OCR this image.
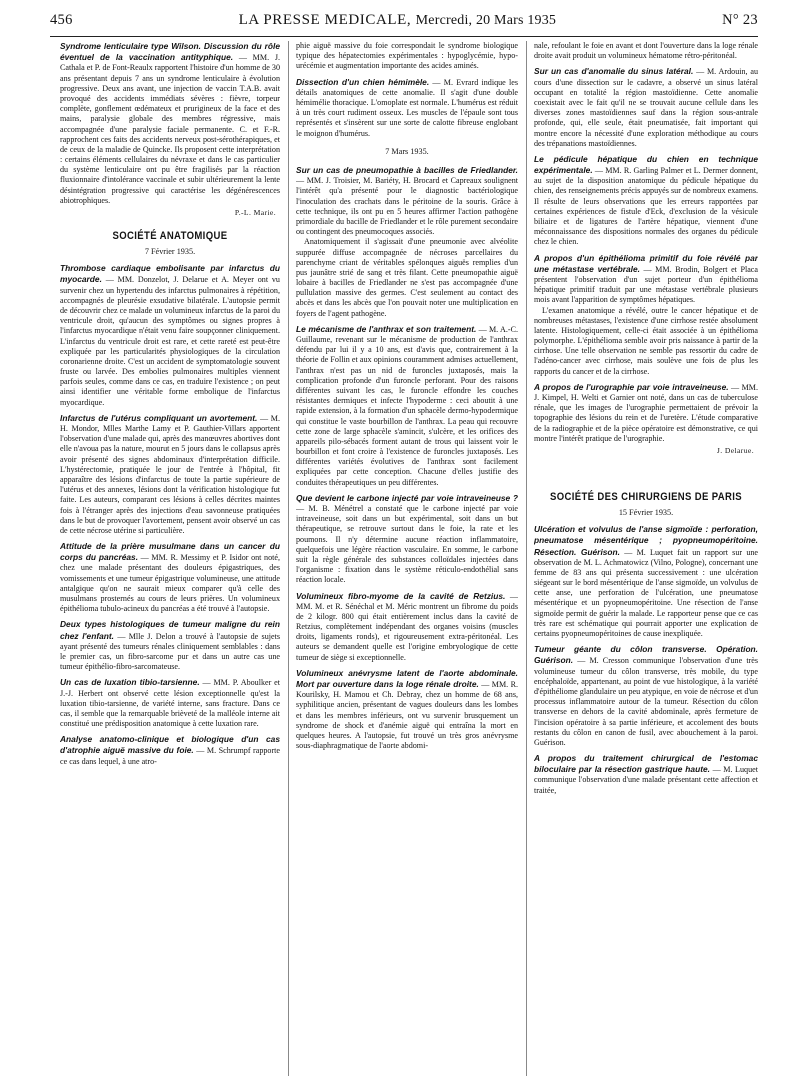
456	LA PRESSE MEDICALE, Mercredi, 20 Mars 1935	N° 23

Syndrome lenticulaire type Wilson. Discussion du rôle éventuel de la vaccination antityphique. — MM. J. Cathala et P. de Font-Reaulx rapportent l'histoire d'un homme de 30 ans présentant depuis 7 ans un syndrome lenticulaire à évolution progressive. Deux ans avant, une injection de vaccin T.A.B. avait provoqué des accidents immédiats sévères : fièvre, torpeur complète, gonflement œdémateux et prurigineux de la face et des mains, paralysie globale des membres régressive, mais accompagnée d'une paralysie faciale permanente. C. et F.-R. rapprochent ces faits des accidents nerveux post-sérothérapiques, et de ceux de la maladie de Quincke. Ils proposent cette interprétation : certains éléments cellulaires du névraxe et dans le cas particulier du système lenticulaire ont pu être fragilisés par la réaction fluxionnaire d'intolérance vaccinale et subir ultérieurement la lente désintégration progressive qui caractérise les dégénérescences abiotrophiques.

P.-L. Marie.
SOCIÉTÉ ANATOMIQUE
7 Février 1935.

Thrombose cardiaque embolisante par infarctus du myocarde. — MM. Donzelot, J. Delarue et A. Meyer ont vu survenir chez un hypertendu des infarctus pulmonaires à répétition, accompagnés de pleurésie exsudative bilatérale. L'autopsie permit de découvrir chez ce malade un volumineux infarctus de la paroi du ventricule droit, qu'aucun des symptômes ou signes propres à l'infarctus myocardique n'était venu faire soupçonner cliniquement. L'infarctus du ventricule droit est rare, et cette rareté est peut-être expliquée par les particularités physiologiques de la circulation coronarienne droite. C'est un accident de symptomatologie souvent fruste ou larvée. Des embolies pulmonaires multiples viennent parfois seules, comme dans ce cas, en traduire l'existence ; on peut ainsi identifier une véritable forme embolique de l'infarctus myocardique.

Infarctus de l'utérus compliquant un avortement. — M. H. Mondor, Mlles Marthe Lamy et P. Gauthier-Villars apportent l'observation d'une malade qui, après des manœuvres abortives dont elle n'avoua pas la nature, mourut en 5 jours dans le collapsus après avoir présenté des signes abdominaux d'interprétation difficile. L'hystérectomie, pratiquée le jour de l'entrée à l'hôpital, fit apparaître des lésions d'infarctus de toute la partie supérieure de l'utérus et des annexes, lésions dont la vérification histologique fut faite. Les auteurs, comparant ces lésions à celles décrites maintes fois à l'étranger après des injections d'eau savonneuse pratiquées dans le but de provoquer l'avortement, pensent avoir observé un cas de cette nécrose utérine si particulière.

Attitude de la prière musulmane dans un cancer du corps du pancréas. — MM. R. Messimy et P. Isidor ont noté, chez une malade présentant des douleurs épigastriques, des vomissements et une tumeur épigastrique volumineuse, une attitude antalgique qu'on ne saurait mieux comparer qu'à celle des musulmans prosternés au cours de leurs prières. Un volumineux épithélioma tubulo-acineux du pancréas a été trouvé à l'autopsie.

Deux types histologiques de tumeur maligne du rein chez l'enfant. — Mlle J. Delon a trouvé à l'autopsie de sujets ayant présenté des tumeurs rénales cliniquement semblables : dans le premier cas, un fibro-sarcome pur et dans un autre cas une tumeur épithélio-fibro-sarcomateuse.

Un cas de luxation tibio-tarsienne. — MM. P. Aboulker et J.-J. Herbert ont observé cette lésion exceptionnelle qu'est la luxation tibio-tarsienne, de variété interne, sans fracture. Dans ce cas, il semble que la remarquable brièveté de la malléole interne ait constitué une prédisposition anatomique à cette luxation rare.

Analyse anatomo-clinique et biologique d'un cas d'atrophie aiguë massive du foie. — M. Schrumpf rapporte ce cas dans lequel, à une atro-

phie aiguë massive du foie correspondait le syndrome biologique typique des hépatectomies expérimentales : hypoglycémie, hypo-urécémie et augmentation importante des acides aminés.

Dissection d'un chien hémimèle. — M. Evrard indique les détails anatomiques de cette anomalie. Il s'agit d'une double hémimélie thoracique. L'omoplate est normale. L'humérus est réduit à un très court rudiment osseux. Les muscles de l'épaule sont tous représentés et s'insèrent sur une sorte de calotte fibreuse englobant le moignon d'humérus.

7 Mars 1935.

Sur un cas de pneumopathie à bacilles de Friedlander. — MM. J. Troisier, M. Bariéty, H. Brocard et Capreaux soulignent l'intérêt qu'a présenté pour le diagnostic bactériologique l'inoculation des crachats dans le péritoine de la souris. Grâce à cette technique, ils ont pu en 5 heures affirmer l'action pathogène primordiale du bacille de Friedlander et le rôle purement secondaire ou contingent des pneumocoques associés.

Anatomiquement il s'agissait d'une pneumonie avec alvéolite suppurée diffuse accompagnée de nécroses parcellaires du parenchyme criant de véritables spélonques aiguës remplies d'un pus jaunâtre strié de sang et très filant. Cette pneumopathie aiguë lobaire à bacilles de Friedlander ne s'est pas accompagnée d'une pullulation massive des germes. C'est seulement au contact des abcès et dans les abcès que l'on pouvait noter une multiplication en foyers de l'agent pathogène.

Le mécanisme de l'anthrax et son traitement. — M. A.-C. Guillaume, revenant sur le mécanisme de production de l'anthrax défendu par lui il y a 10 ans, est d'avis que, contrairement à la théorie de Follin et aux opinions couramment admises actuellement, l'anthrax n'est pas un nid de furoncles juxtaposés, mais la complication profonde d'un furoncle perforant. Pour des raisons différentes suivant les cas, le furoncle effondre les couches résistantes dermiques et infecte l'hypoderme : ceci aboutit à une rapide extension, à la formation d'un sphacèle dermo-hypodermique qui constitue le vaste bourbillon de l'anthrax. La peau qui recouvre cette zone de large sphacèle s'amincit, s'ulcère, et les orifices des appareils pilo-sébacés forment autant de trous qui laissent voir le bourbillon et font croire à l'existence de furoncles juxtaposés. Les différentes variétés évolutives de l'anthrax sont facilement expliquées par cette conception. Chacune d'elles justifie des conduites thérapeutiques un peu différentes.

Que devient le carbone injecté par voie intraveineuse ? — M. B. Ménétrel a constaté que le carbone injecté par voie intraveineuse, soit dans un but expérimental, soit dans un but thérapeutique, se retrouve surtout dans le foie, la rate et les poumons. Il n'y détermine aucune réaction inflammatoire, quelquefois une légère réaction vasculaire. En somme, le carbone suit la règle générale des substances colloïdales injectées dans l'organisme : fixation dans le système réticulo-endothélial sans réaction locale.

Volumineux fibro-myome de la cavité de Retzius. — MM. M. et R. Sénéchal et M. Méric montrent un fibrome du poids de 2 kilogr. 800 qui était entièrement inclus dans la cavité de Retzius, complètement indépendant des organes voisins (muscles droits, ligaments ronds), et rigoureusement extra-péritonéal. Les auteurs se demandent quelle est l'origine embryologique de cette tumeur de siège si exceptionnelle.

Volumineux anévrysme latent de l'aorte abdominale. Mort par ouverture dans la loge rénale droite. — MM. R. Kourilsky, H. Mamou et Ch. Debray, chez un homme de 68 ans, syphilitique ancien, présentant de vagues douleurs dans les lombes et dans les membres inférieurs, ont vu survenir brusquement un syndrome de shock et d'anémie aiguë qui entraîna la mort en quelques heures. A l'autopsie, fut trouvé un très gros anévrysme sous-diaphragmatique de l'aorte abdomi-

nale, refoulant le foie en avant et dont l'ouverture dans la loge rénale droite avait produit un volumineux hématome rétro-péritonéal.

Sur un cas d'anomalie du sinus latéral. — M. Ardouin, au cours d'une dissection sur le cadavre, a observé un sinus latéral occupant en totalité la région mastoïdienne. Cette anomalie coexistait avec le fait qu'il ne se trouvait aucune cellule dans les diverses zones mastoïdiennes sauf dans la région sous-antrale profonde, qui, elle seule, était pneumatisée, fait important qui montre encore la nécessité d'une exploration méthodique au cours des trépanations mastoïdiennes.

Le pédicule hépatique du chien en technique expérimentale. — MM. R. Garling Palmer et L. Dermer donnent, au sujet de la disposition anatomique du pédicule hépatique du chien, des renseignements précis appuyés sur de nombreux examens. Il résulte de leurs observations que les erreurs rapportées par certaines expériences de fistule d'Eck, d'exclusion de la vésicule biliaire et de ligatures de l'artère hépatique, viennent d'une méconnaissance des dispositions normales des organes du pédicule chez le chien.

A propos d'un épithélioma primitif du foie révélé par une métastase vertébrale. — MM. Brodin, Bolgert et Placa présentent l'observation d'un sujet porteur d'un épithélioma hépatique primitif traduit par une métastase vertébrale plusieurs mois avant l'apparition de symptômes hépatiques.

L'examen anatomique a révélé, outre le cancer hépatique et de nombreuses métastases, l'existence d'une cirrhose restée absolument latente. Histologiquement, celle-ci était associée à un épithélioma polymorphe. L'épithélioma semble avoir pris naissance à partir de la cirrhose. Une telle observation ne semble pas ressortir du cadre de l'adéno-cancer avec cirrhose, mais soulève une fois de plus les rapports du cancer et de la cirrhose.

A propos de l'urographie par voie intraveineuse. — MM. J. Kimpel, H. Welti et Garnier ont noté, dans un cas de tuberculose rénale, que les images de l'urographie permettaient de prévoir la topographie des lésions du rein et de l'uretère. L'étude comparative de la radiographie et de la pièce opératoire est démonstrative, ce qui montre l'intérêt pratique de l'urographie.

J. Delarue.
SOCIÉTÉ DES CHIRURGIENS DE PARIS
15 Février 1935.

Ulcération et volvulus de l'anse sigmoïde : perforation, pneumatose mésentérique ; pyopneumopéritoine. Résection. Guérison. — M. Luquet fait un rapport sur une observation de M. L. Achmatowicz (Vilno, Pologne), concernant une femme de 83 ans qui présenta successivement : une ulcération siégeant sur le bord mésentérique de l'anse sigmoïde, un volvulus de cette anse, une perforation de l'ulcération, une pneumatose mésentérique et un pyopneumopéritoine. Une résection de l'anse sigmoïde permit de guérir la malade. Le rapporteur pense que ce cas très rare est schématique qui pourrait apporter une explication de certains pyopneumopéritoines de cause inexpliquée.

Tumeur géante du côlon transverse. Opération. Guérison. — M. Cresson communique l'observation d'une très volumineuse tumeur du côlon transverse, très mobile, du type encéphaloïde, appartenant, au point de vue histologique, à la variété d'épithéliome glandulaire un peu atypique, en voie de nécrose et d'un processus inflammatoire autour de la tumeur. Résection du côlon transverse en dehors de la cavité abdominale, après fermeture de l'incision opératoire à sa partie inférieure, et accolement des bouts restants du côlon en canon de fusil, avec abouchement à la paroi. Guérison.

A propos du traitement chirurgical de l'estomac biloculaire par la résection gastrique haute. — M. Luquet communique l'observation d'une malade présentant cette affection et traitée,
